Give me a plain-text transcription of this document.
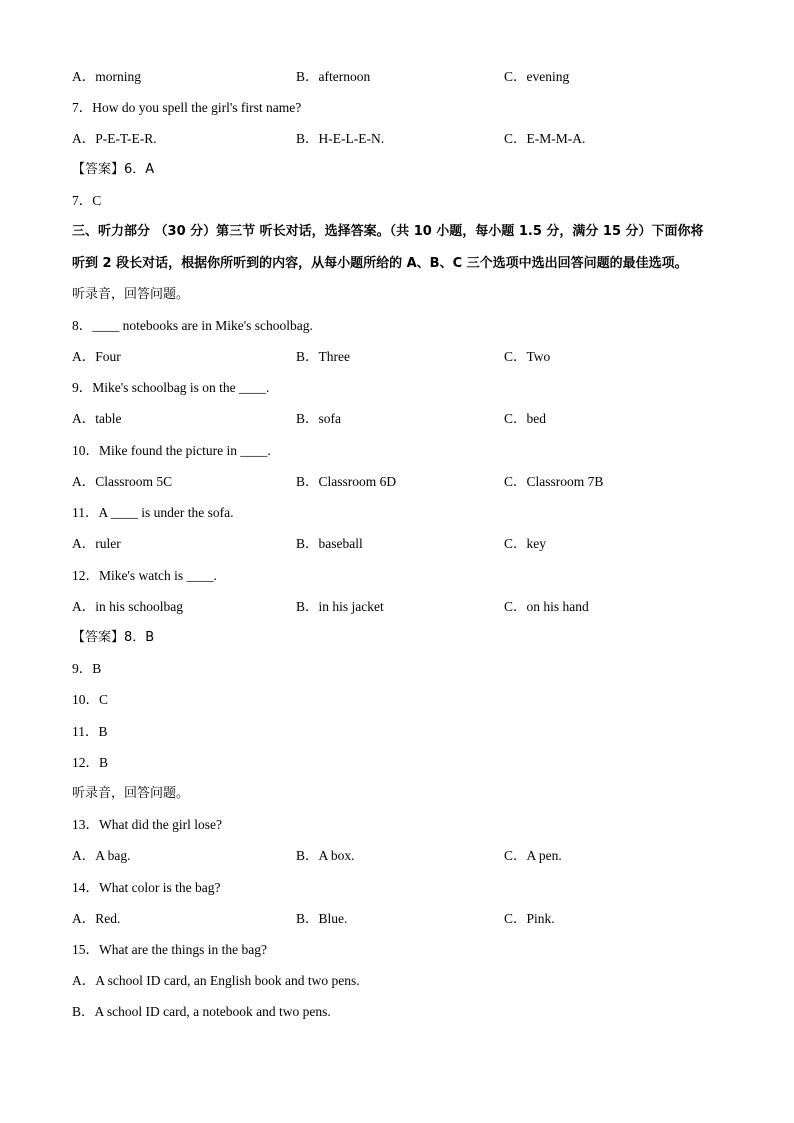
A．morning	B．afternoon	C．evening
7．How do you spell the girl's first name?
A．P-E-T-E-R.	B．H-E-L-E-N.	C．E-M-M-A.
【答案】6．A
7．C
三、听力部分 （30 分）第三节 听长对话，选择答案。（共 10 小题，每小题 1.5 分，满分 15 分）下面你将
听到 2 段长对话，根据你所听到的内容，从每小题所给的 A、B、C 三个选项中选出回答问题的最佳选项。
听录音，回答问题。
8．____ notebooks are in Mike's schoolbag.
A．Four	B．Three	C．Two
9．Mike's schoolbag is on the ____.
A．table	B．sofa	C．bed
10．Mike found the picture in ____.
A．Classroom 5C	B．Classroom 6D	C．Classroom 7B
11．A ____ is under the sofa.
A．ruler	B．baseball	C．key
12．Mike's watch is ____.
A．in his schoolbag	B．in his jacket	C．on his hand
【答案】8．B
9．B
10．C
11．B
12．B
听录音，回答问题。
13．What did the girl lose?
A．A bag.	B．A box.	C．A pen.
14．What color is the bag?
A．Red.	B．Blue.	C．Pink.
15．What are the things in the bag?
A．A school ID card, an English book and two pens.
B．A school ID card, a notebook and two pens.
